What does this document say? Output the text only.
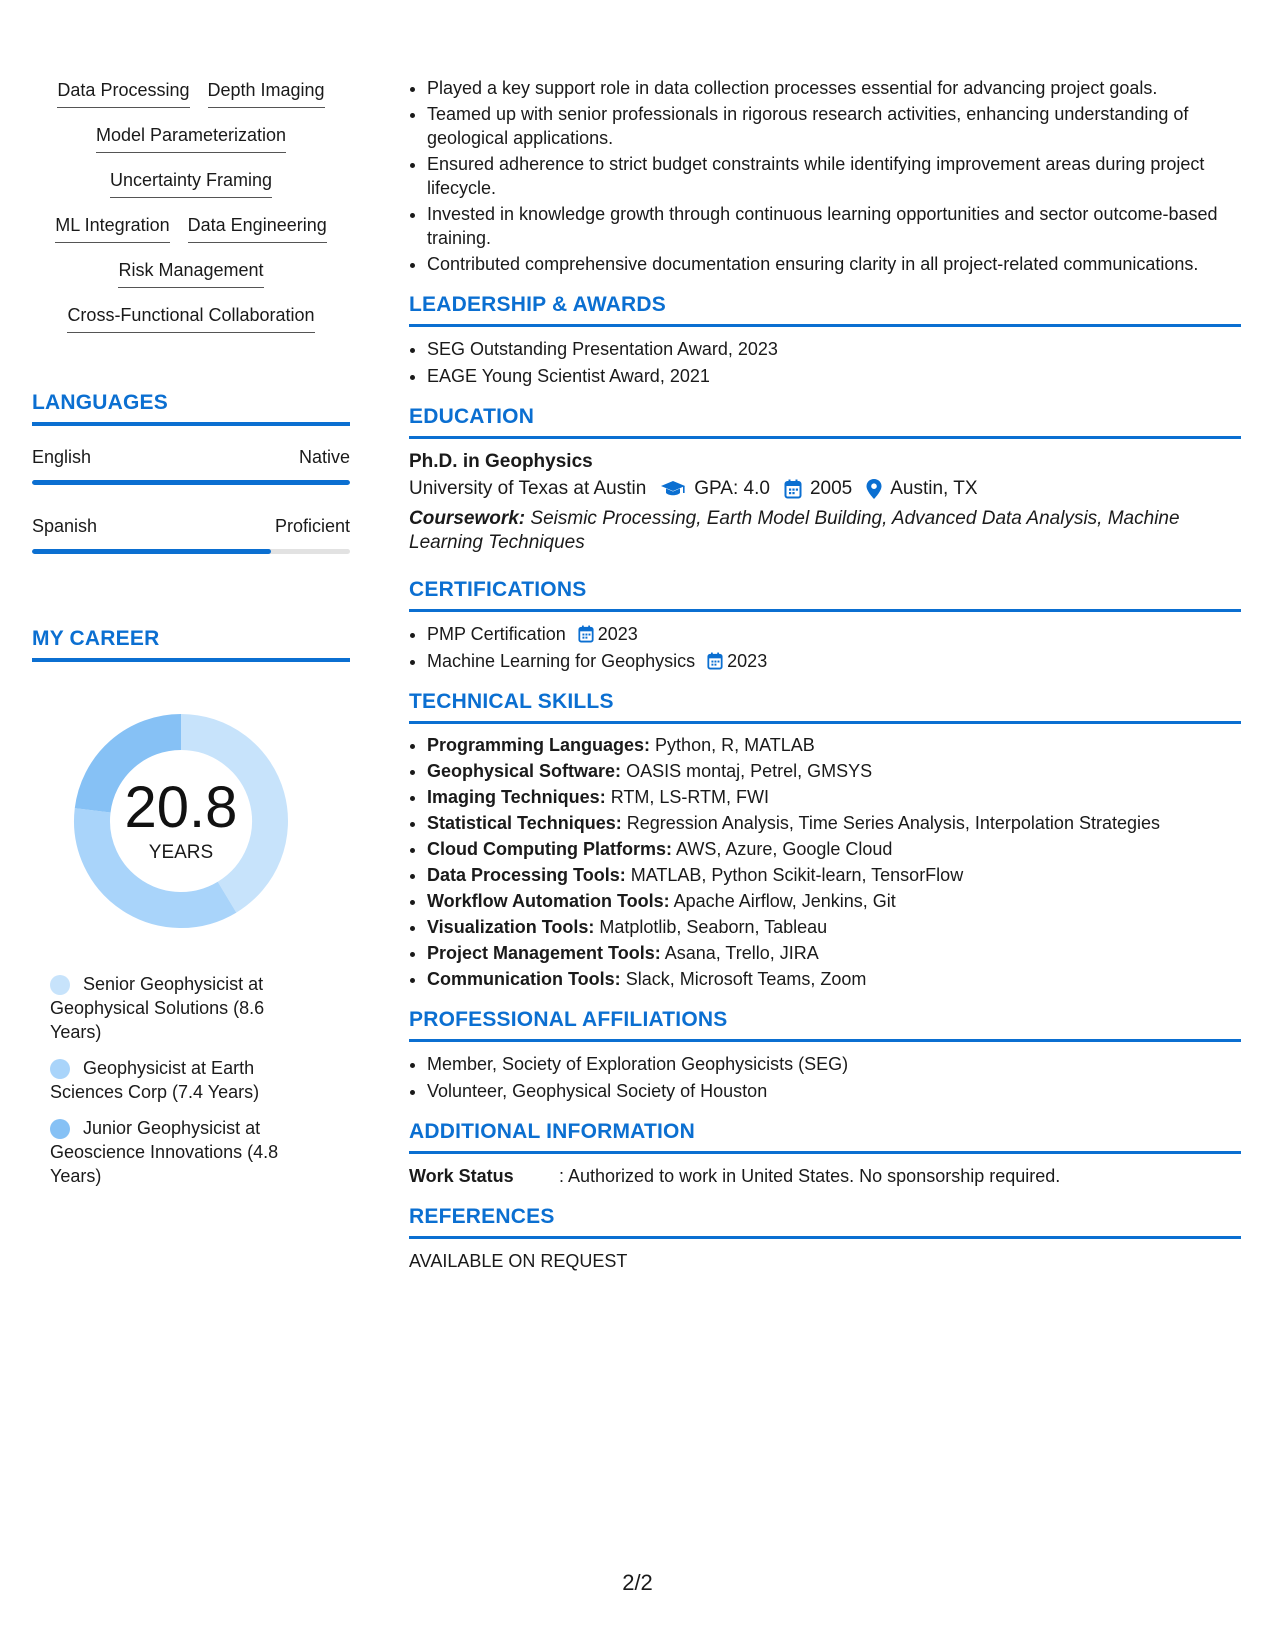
Data Processing Depth Imaging
Model Parameterization
Uncertainty Framing
ML Integration Data Engineering
Risk Management
Cross-Functional Collaboration
LANGUAGES
English	Native
Spanish	Proficient
MY CAREER
20.8
YEARS
Senior Geophysicist at Geophysical Solutions (8.6 Years)
Geophysicist at Earth Sciences Corp (7.4 Years)
Junior Geophysicist at Geoscience Innovations (4.8 Years)
• Played a key support role in data collection processes essential for advancing project goals.
• Teamed up with senior professionals in rigorous research activities, enhancing understanding of geological applications.
• Ensured adherence to strict budget constraints while identifying improvement areas during project lifecycle.
• Invested in knowledge growth through continuous learning opportunities and sector outcome-based training.
• Contributed comprehensive documentation ensuring clarity in all project-related communications.
LEADERSHIP & AWARDS
• SEG Outstanding Presentation Award, 2023
• EAGE Young Scientist Award, 2021
EDUCATION
Ph.D. in Geophysics
University of Texas at Austin	GPA: 4.0 2005 Austin, TX
Coursework: Seismic Processing, Earth Model Building, Advanced Data Analysis, Machine Learning Techniques
CERTIFICATIONS
• PMP Certification 2023
• Machine Learning for Geophysics 2023
TECHNICAL SKILLS
• Programming Languages: Python, R, MATLAB
• Geophysical Software: OASIS montaj, Petrel, GMSYS
• Imaging Techniques: RTM, LS-RTM, FWI
• Statistical Techniques: Regression Analysis, Time Series Analysis, Interpolation Strategies
• Cloud Computing Platforms: AWS, Azure, Google Cloud
• Data Processing Tools: MATLAB, Python Scikit-learn, TensorFlow
• Workflow Automation Tools: Apache Airflow, Jenkins, Git
• Visualization Tools: Matplotlib, Seaborn, Tableau
• Project Management Tools: Asana, Trello, JIRA
• Communication Tools: Slack, Microsoft Teams, Zoom
PROFESSIONAL AFFILIATIONS
• Member, Society of Exploration Geophysicists (SEG)
• Volunteer, Geophysical Society of Houston
ADDITIONAL INFORMATION
Work Status	: Authorized to work in United States. No sponsorship required.
REFERENCES
AVAILABLE ON REQUEST
2/2
